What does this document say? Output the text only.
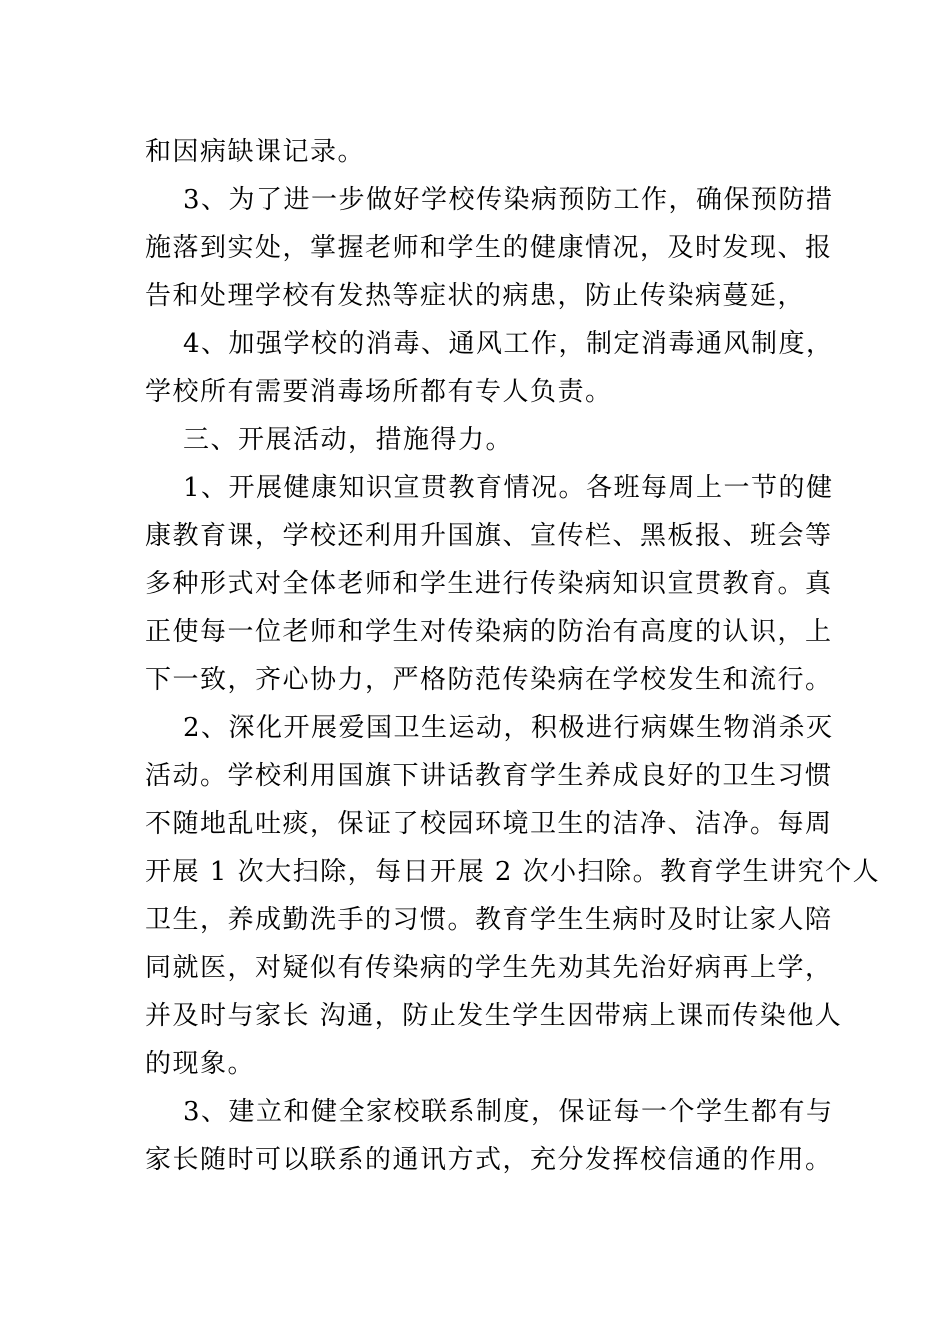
和因病缺课记录。
3、为了进一步做好学校传染病预防工作，确保预防措
施落到实处，掌握老师和学生的健康情况，及时发现、报
告和处理学校有发热等症状的病患，防止传染病蔓延，
4、加强学校的消毒、通风工作，制定消毒通风制度，
学校所有需要消毒场所都有专人负责。
三、开展活动，措施得力。
1、开展健康知识宣贯教育情况。各班每周上一节的健
康教育课，学校还利用升国旗、宣传栏、黑板报、班会等
多种形式对全体老师和学生进行传染病知识宣贯教育。真
正使每一位老师和学生对传染病的防治有高度的认识，上
下一致，齐心协力，严格防范传染病在学校发生和流行。
2、深化开展爱国卫生运动，积极进行病媒生物消杀灭
活动。学校利用国旗下讲话教育学生养成良好的卫生习惯
不随地乱吐痰，保证了校园环境卫生的洁净、洁净。每周
开展 1 次大扫除，每日开展 2 次小扫除。教育学生讲究个人
卫生，养成勤洗手的习惯。教育学生生病时及时让家人陪
同就医，对疑似有传染病的学生先劝其先治好病再上学，
并及时与家长 沟通，防止发生学生因带病上课而传染他人
的现象。
3、建立和健全家校联系制度，保证每一个学生都有与
家长随时可以联系的通讯方式，充分发挥校信通的作用。
